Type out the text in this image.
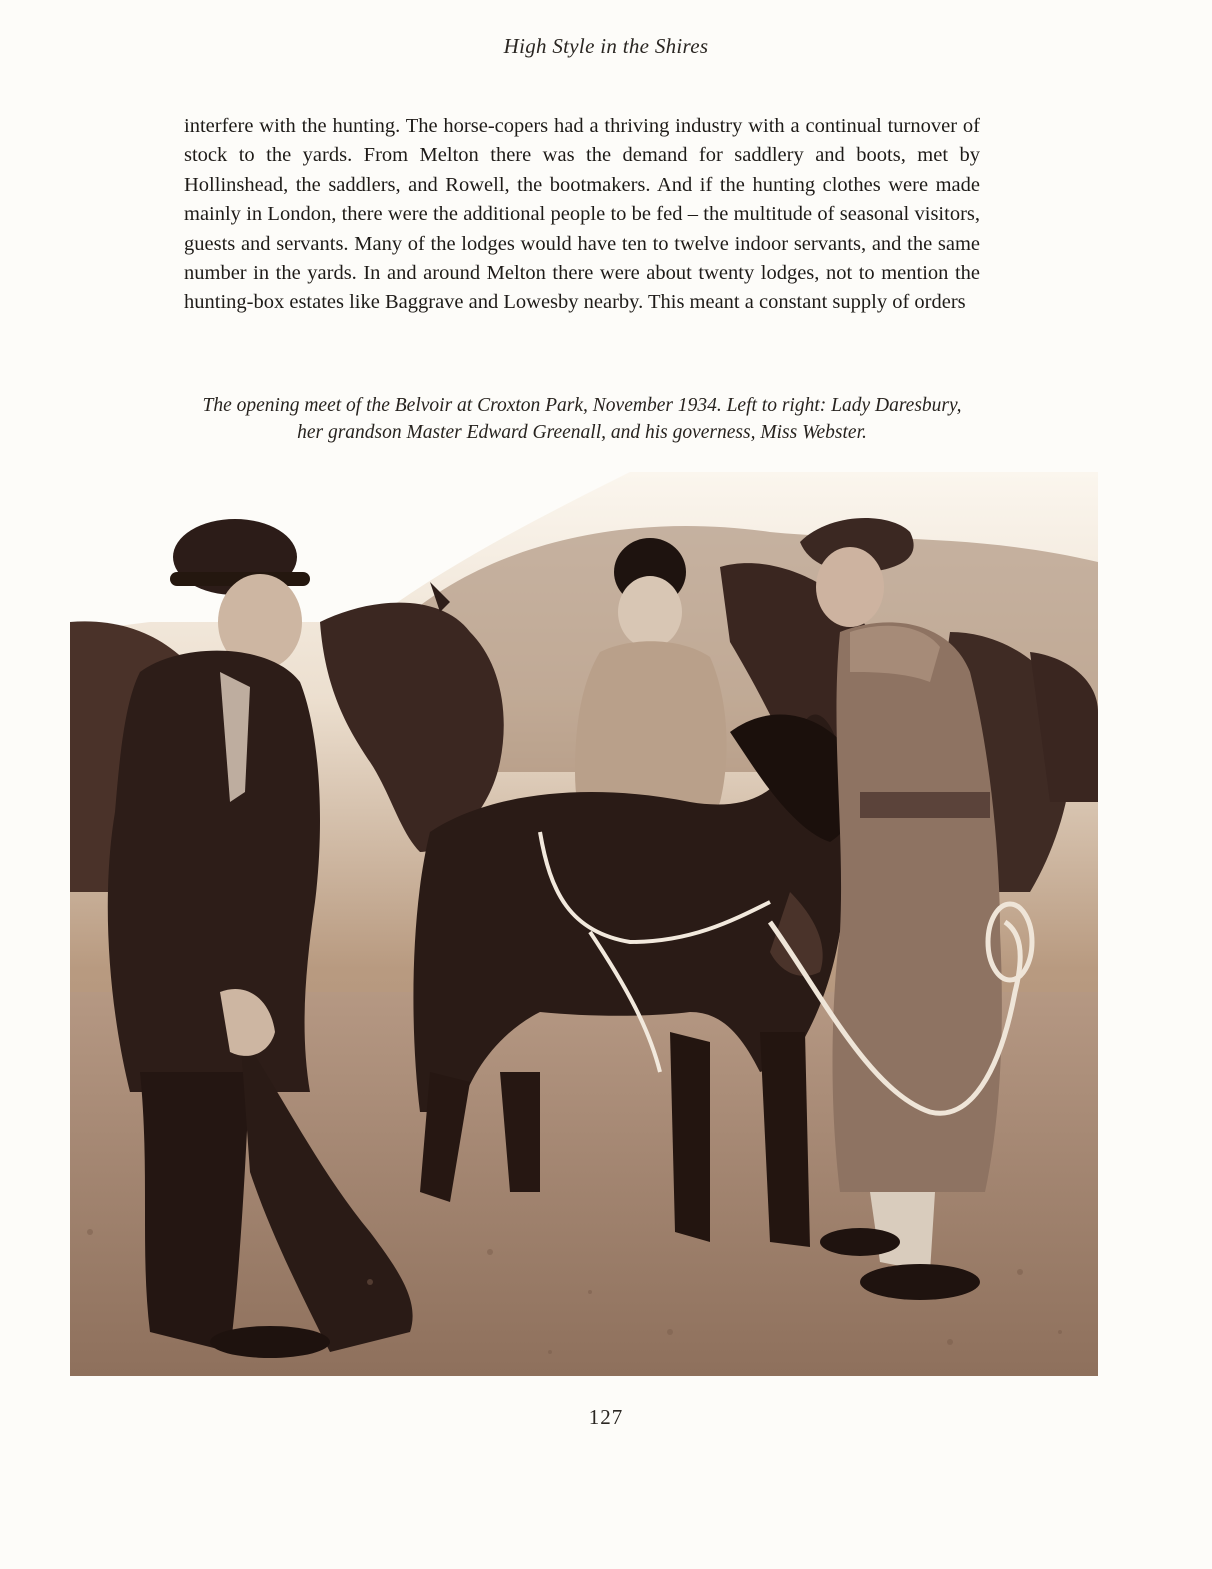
High Style in the Shires

interfere with the hunting. The horse-copers had a thriving industry with a continual turnover of stock to the yards. From Melton there was the demand for saddlery and boots, met by Hollinshead, the saddlers, and Rowell, the bootmakers. And if the hunting clothes were made mainly in London, there were the additional people to be fed – the multitude of seasonal visitors, guests and servants. Many of the lodges would have ten to twelve indoor servants, and the same number in the yards. In and around Melton there were about twenty lodges, not to mention the hunting-box estates like Baggrave and Lowesby nearby. This meant a constant supply of orders

The opening meet of the Belvoir at Croxton Park, November 1934. Left to right: Lady Daresbury, her grandson Master Edward Greenall, and his governess, Miss Webster.
127
